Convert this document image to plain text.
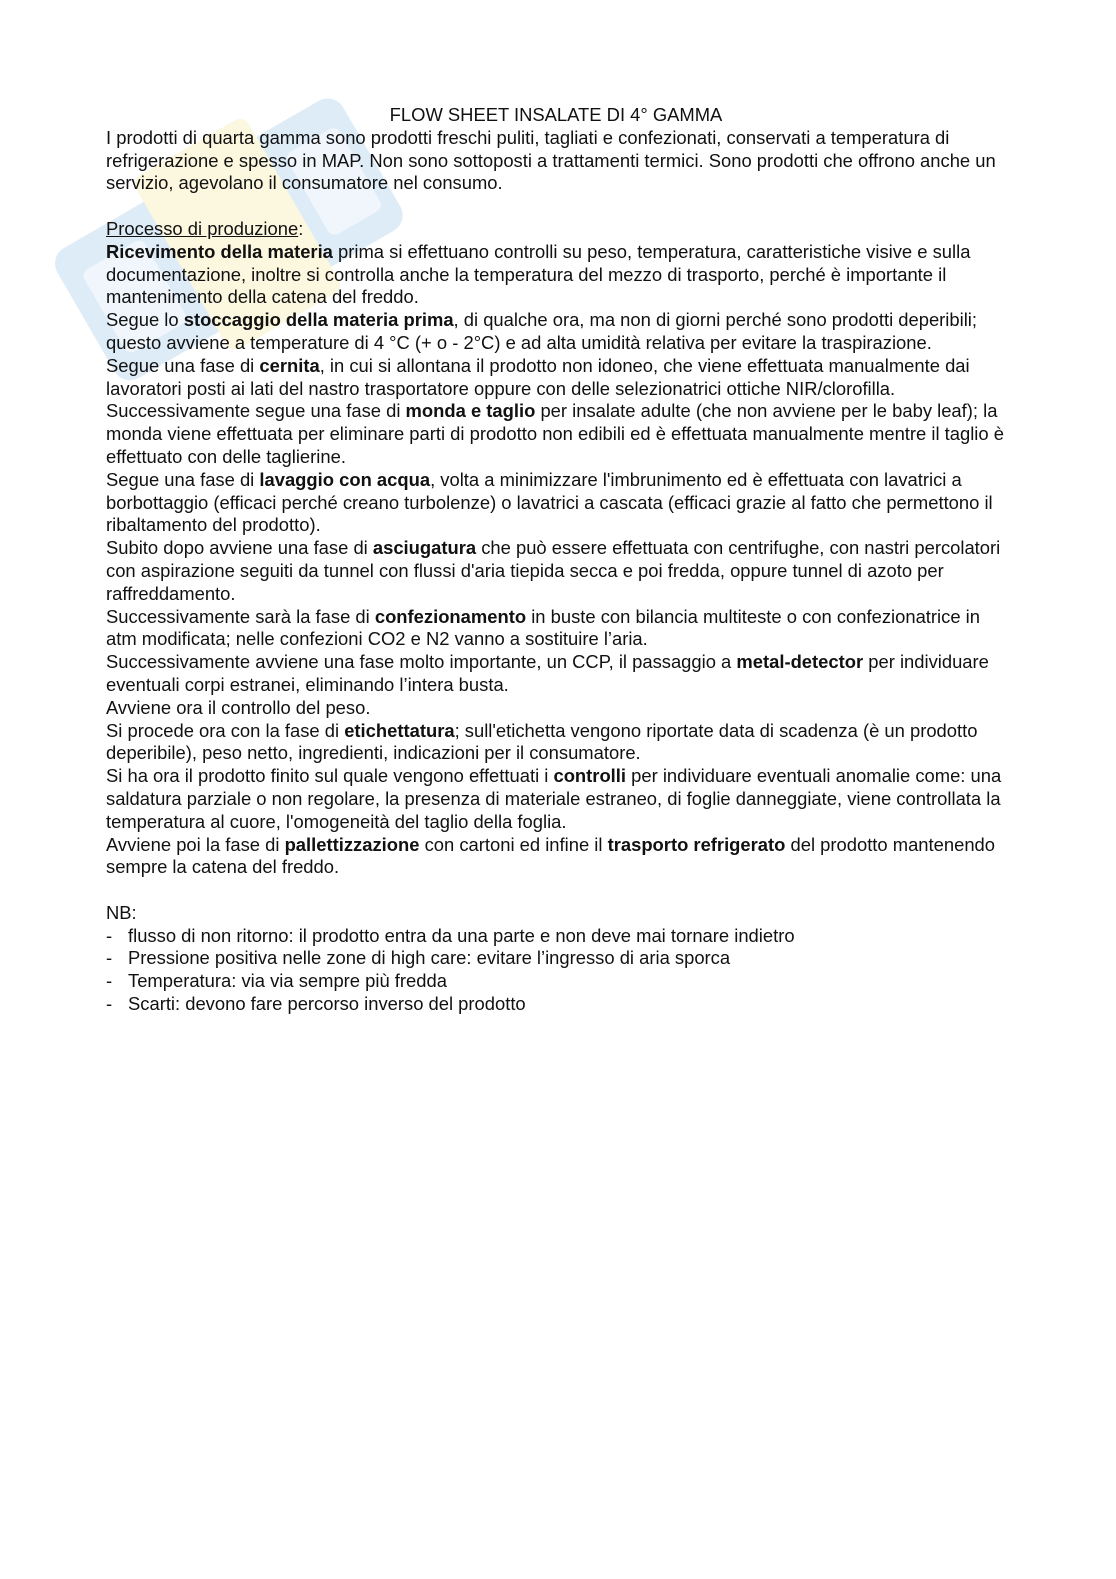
FLOW SHEET INSALATE DI 4° GAMMA

I prodotti di quarta gamma sono prodotti freschi puliti, tagliati e confezionati, conservati a temperatura di refrigerazione e spesso in MAP. Non sono sottoposti a trattamenti termici. Sono prodotti che offrono anche un servizio, agevolano il consumatore nel consumo.

Processo di produzione:

Ricevimento della materia prima si effettuano controlli su peso, temperatura, caratteristiche visive e sulla documentazione, inoltre si controlla anche la temperatura del mezzo di trasporto, perché è importante il mantenimento della catena del freddo.

Segue lo stoccaggio della materia prima, di qualche ora, ma non di giorni perché sono prodotti deperibili; questo avviene a temperature di 4 °C (+ o - 2°C) e ad alta umidità relativa per evitare la traspirazione.

Segue una fase di cernita, in cui si allontana il prodotto non idoneo, che viene effettuata manualmente dai lavoratori posti ai lati del nastro trasportatore oppure con delle selezionatrici ottiche NIR/clorofilla.

Successivamente segue una fase di monda e taglio per insalate adulte (che non avviene per le baby leaf); la monda viene effettuata per eliminare parti di prodotto non edibili ed è effettuata manualmente mentre il taglio è effettuato con delle taglierine.

Segue una fase di lavaggio con acqua, volta a minimizzare l'imbrunimento ed è effettuata con lavatrici a borbottaggio (efficaci perché creano turbolenze) o lavatrici a cascata (efficaci grazie al fatto che permettono il ribaltamento del prodotto).

Subito dopo avviene una fase di asciugatura che può essere effettuata con centrifughe, con nastri percolatori con aspirazione seguiti da tunnel con flussi d'aria tiepida secca e poi fredda, oppure tunnel di azoto per raffreddamento.

Successivamente sarà la fase di confezionamento in buste con bilancia multiteste o con confezionatrice in atm modificata; nelle confezioni CO2 e N2 vanno a sostituire l’aria.

Successivamente avviene una fase molto importante, un CCP, il passaggio a metal-detector per individuare eventuali corpi estranei, eliminando l’intera busta.

Avviene ora il controllo del peso.

Si procede ora con la fase di etichettatura; sull'etichetta vengono riportate data di scadenza (è un prodotto deperibile), peso netto, ingredienti, indicazioni per il consumatore.

Si ha ora il prodotto finito sul quale vengono effettuati i controlli per individuare eventuali anomalie come: una saldatura parziale o non regolare, la presenza di materiale estraneo, di foglie danneggiate, viene controllata la temperatura al cuore, l'omogeneità del taglio della foglia.

Avviene poi la fase di pallettizzazione con cartoni ed infine il trasporto refrigerato del prodotto mantenendo sempre la catena del freddo.

NB:

- flusso di non ritorno: il prodotto entra da una parte e non deve mai tornare indietro
- Pressione positiva nelle zone di high care: evitare l’ingresso di aria sporca
- Temperatura: via via sempre più fredda
- Scarti: devono fare percorso inverso del prodotto
